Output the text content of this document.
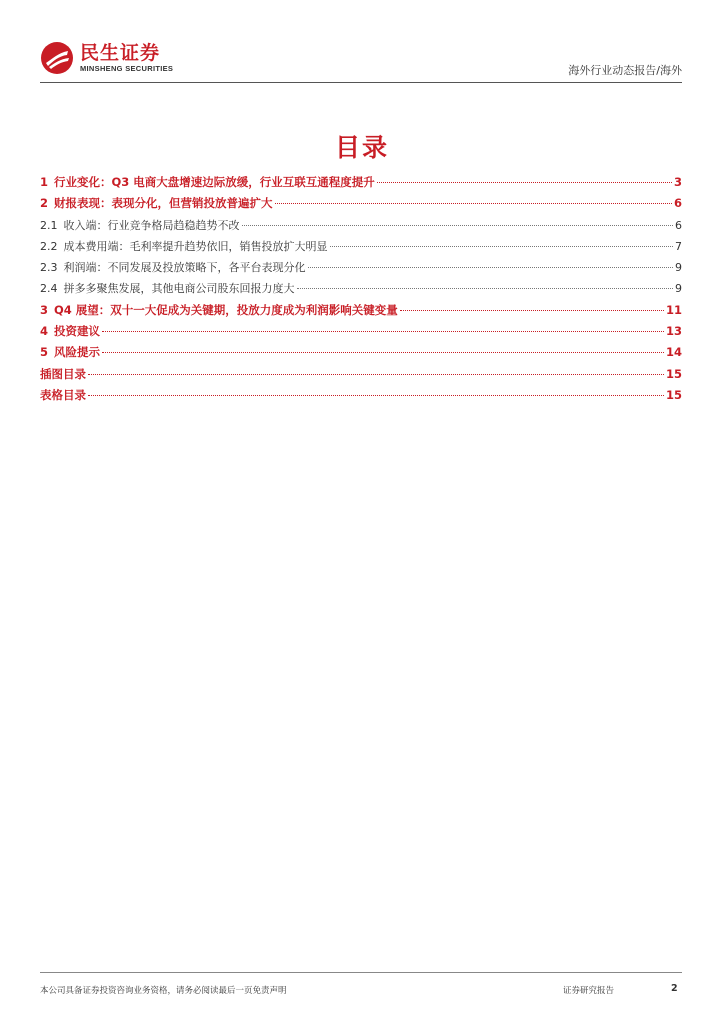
民生证券
MINSHENG SECURITIES	海外行业动态报告/海外
目录
1 行业变化：Q3 电商大盘增速边际放缓，行业互联互通程度提升	3
2 财报表现：表现分化，但营销投放普遍扩大	6
2.1 收入端：行业竞争格局趋稳趋势不改	6
2.2 成本费用端：毛利率提升趋势依旧，销售投放扩大明显	7
2.3 利润端：不同发展及投放策略下，各平台表现分化	9
2.4 拼多多聚焦发展，其他电商公司股东回报力度大	9
3 Q4 展望：双十一大促成为关键期，投放力度成为利润影响关键变量	11
4 投资建议	13
5 风险提示	14
插图目录	15
表格目录	15
本公司具备证券投资咨询业务资格，请务必阅读最后一页免责声明	证券研究报告	2
